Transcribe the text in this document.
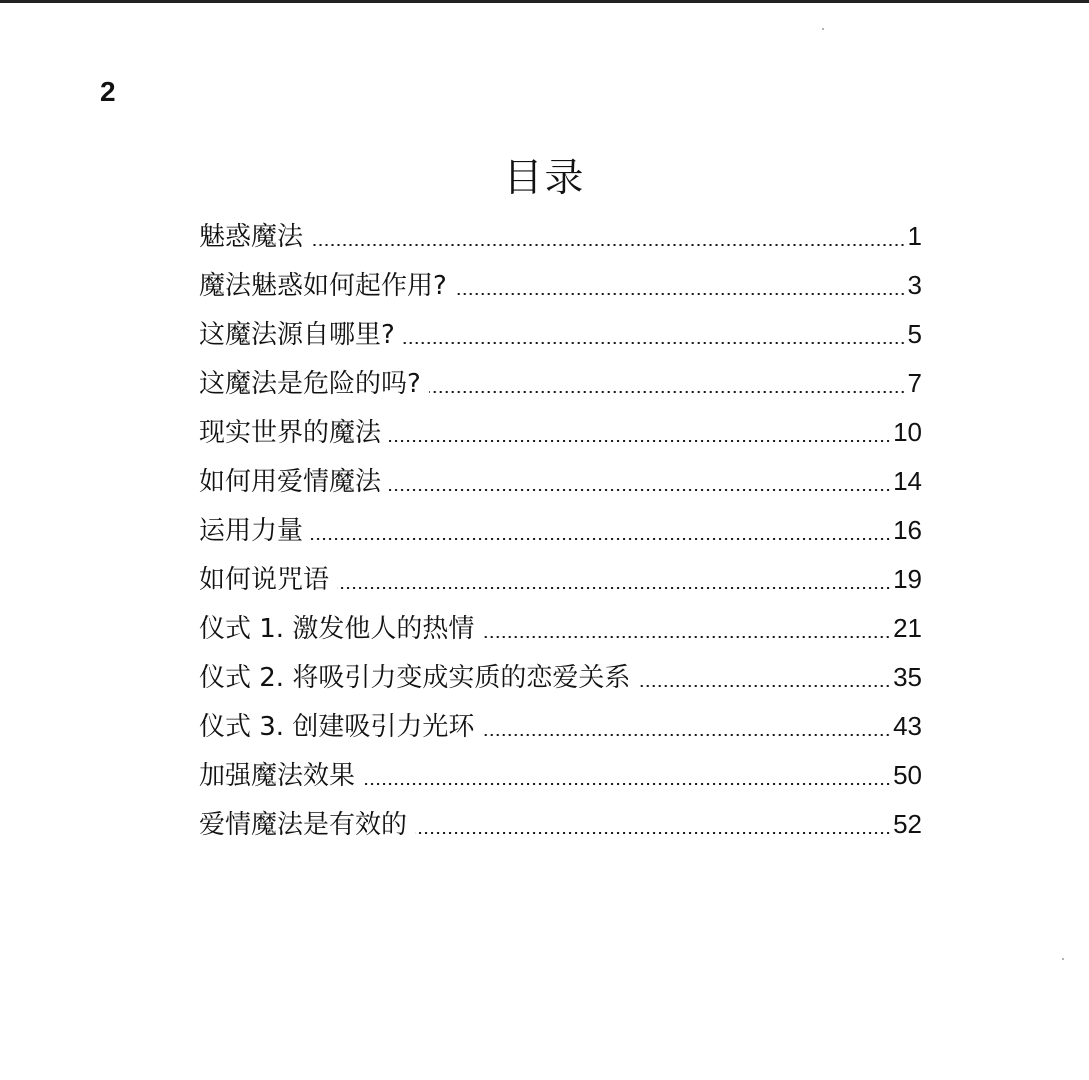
2
目录
魅惑魔法	1
魔法魅惑如何起作用?	3
这魔法源自哪里?	5
这魔法是危险的吗?	7
现实世界的魔法	10
如何用爱情魔法	14
运用力量	16
如何说咒语	19
仪式 1. 激发他人的热情	21
仪式 2. 将吸引力变成实质的恋爱关系	35
仪式 3. 创建吸引力光环	43
加强魔法效果	50
爱情魔法是有效的	52
